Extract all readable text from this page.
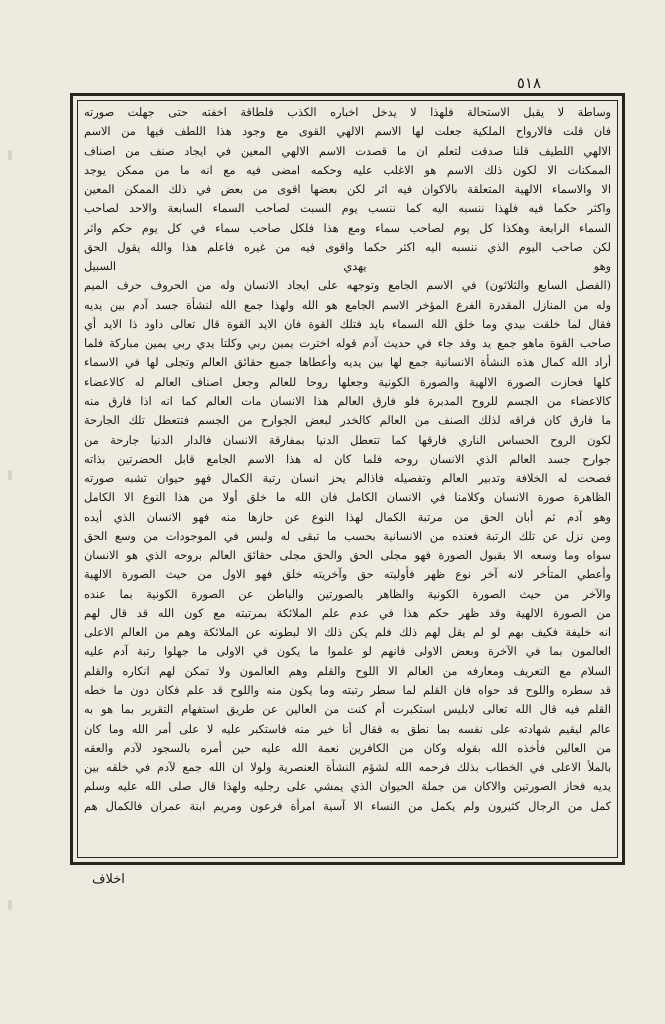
٥١٨
وساطة لا يقبل الاستحالة فلهذا لا يدخل اخباره الكذب فلطاقة اخفته حتى جهلت صورته
فان قلت فالارواح الملكية جعلت لها الاسم الالهي القوى مع وجود هذا اللطف فيها من الاسم
الالهي اللطيف قلنا صدقت لتعلم ان ما قصدت الاسم الالهي المعين في ايجاد صنف من اصناف
الممكنات الا لكون ذلك الاسم هو الاغلب عليه وحكمه امضى فيه مع انه ما من ممكن يوجد
الا والاسماء الالهية المتعلقة بالاكوان فيه اثر لكن بعضها اقوى من بعض في ذلك الممكن المعين
واكثر حكما فيه فلهذا ننسبه اليه كما ننسب يوم السبت لصاحب السماء السابعة والاحد لصاحب
السماء الرابعة وهكذا كل يوم لصاحب سماء ومع هذا فلكل صاحب سماء في كل يوم حكم واثر
لكن صاحب اليوم الذي ننسبه اليه اكثر حكما واقوى فيه من غيره فاعلم هذا والله يقول الحق
وهو يهدي السبيل
(الفصل السابع والثلاثون) في الاسم الجامع وتوجهه على ايجاد الانسان وله من الحروف حرف الميم
وله من المنازل المقدرة الفرع المؤخر الاسم الجامع هو الله ولهذا جمع الله لنشأة جسد آدم بين يديه
فقال لما خلقت بيدي وما خلق الله السماء بايد فتلك القوة فان الايد القوة قال تعالى داود ذا الايد أي
صاحب القوة ماهو جمع يد وقد جاء في حديث آدم قوله اخترت يمين ربي وكلتا يدي ربي يمين مباركة فلما
أراد الله كمال هذه النشأة الانسانية جمع لها بين يديه وأعطاها جميع حقائق العالم وتجلى لها في الاسماء
كلها فحازت الصورة الالهية والصورة الكونية وجعلها روحا للعالم وجعل اصناف العالم له كالاعضاء
كالاعضاء من الجسم للروح المدبرة فلو فارق العالم هذا الانسان مات العالم كما انه اذا فارق منه
ما فارق كان فراقه لذلك الصنف من العالم كالخدر لبعض الجوارح من الجسم فتتعطل تلك الجارحة
لكون الروح الحساس الناري فارقها كما تتعطل الدنيا بمفارقة الانسان فالدار الدنيا جارحة من
جوارح جسد العالم الذي الانسان روحه فلما كان له هذا الاسم الجامع قابل الحضرتين بذاته
فصحت له الخلافة وتدبير العالم وتفصيله فاذالم يحز انسان رتبة الكمال فهو حيوان تشبه صورته
الظاهرة صورة الانسان وكلامنا في الانسان الكامل فان الله ما خلق أولا من هذا النوع الا الكامل
وهو آدم ثم أبان الحق من مرتبة الكمال لهذا النوع عن حازها منه فهو الانسان الذي أيده
ومن نزل عن تلك الرتبة فعنده من الانسانية بحسب ما تبقى له ولبس في الموجودات من وسع الحق
سواه وما وسعه الا بقبول الصورة فهو مجلى الحق والحق مجلى حقائق العالم بروحه الذي هو الانسان
وأعطي المتأخر لانه آخر نوع ظهر فأوليته حق وآخريته خلق فهو الاول من حيث الصورة الالهية
والآخر من حيث الصورة الكونية والظاهر بالصورتين والباطن عن الصورة الكونية بما عنده
من الصورة الالهية وقد ظهر حكم هذا في عدم علم الملائكة بمرتبته مع كون الله قد قال لهم
انه خليفة فكيف بهم لو لم يقل لهم ذلك فلم يكن ذلك الا لبطونه عن الملائكة وهم من العالم الاعلى
العالمون بما في الآخرة وبعض الاولى فانهم لو علموا ما يكون في الاولى ما جهلوا رتبة آدم عليه
السلام مع التعريف ومعارفه من العالم الا اللوح والقلم وهم العالمون ولا تمكن لهم انكاره والقلم
قد سطره واللوح قد حواه فان القلم لما سطر رتبته وما يكون منه واللوح قد علم فكان دون ما خطه
القلم فيه قال الله تعالى لابليس استكبرت أم كنت من العالين عن طريق استفهام التقرير بما هو به
عالم ليقيم شهادته على نفسه بما نطق به فقال أنا خير منه فاستكبر عليه لا على أمر الله وما كان
من العالين فأخذه الله بقوله وكان من الكافرين نعمة الله عليه حين أمره بالسجود لآدم والعقه
بالملأ الاعلى في الخطاب بذلك فرحمه الله لشؤم النشأة العنصرية ولولا ان الله جمع لآدم في خلقه بين
يديه فحاز الصورتين والاكان من جملة الحيوان الذي يمشي على رجليه ولهذا قال صلى الله عليه وسلم
كمل من الرجال كثيرون ولم يكمل من النساء الا آسية امرأة فرعون ومريم ابنة عمران فالكمال هم
اخلاف
